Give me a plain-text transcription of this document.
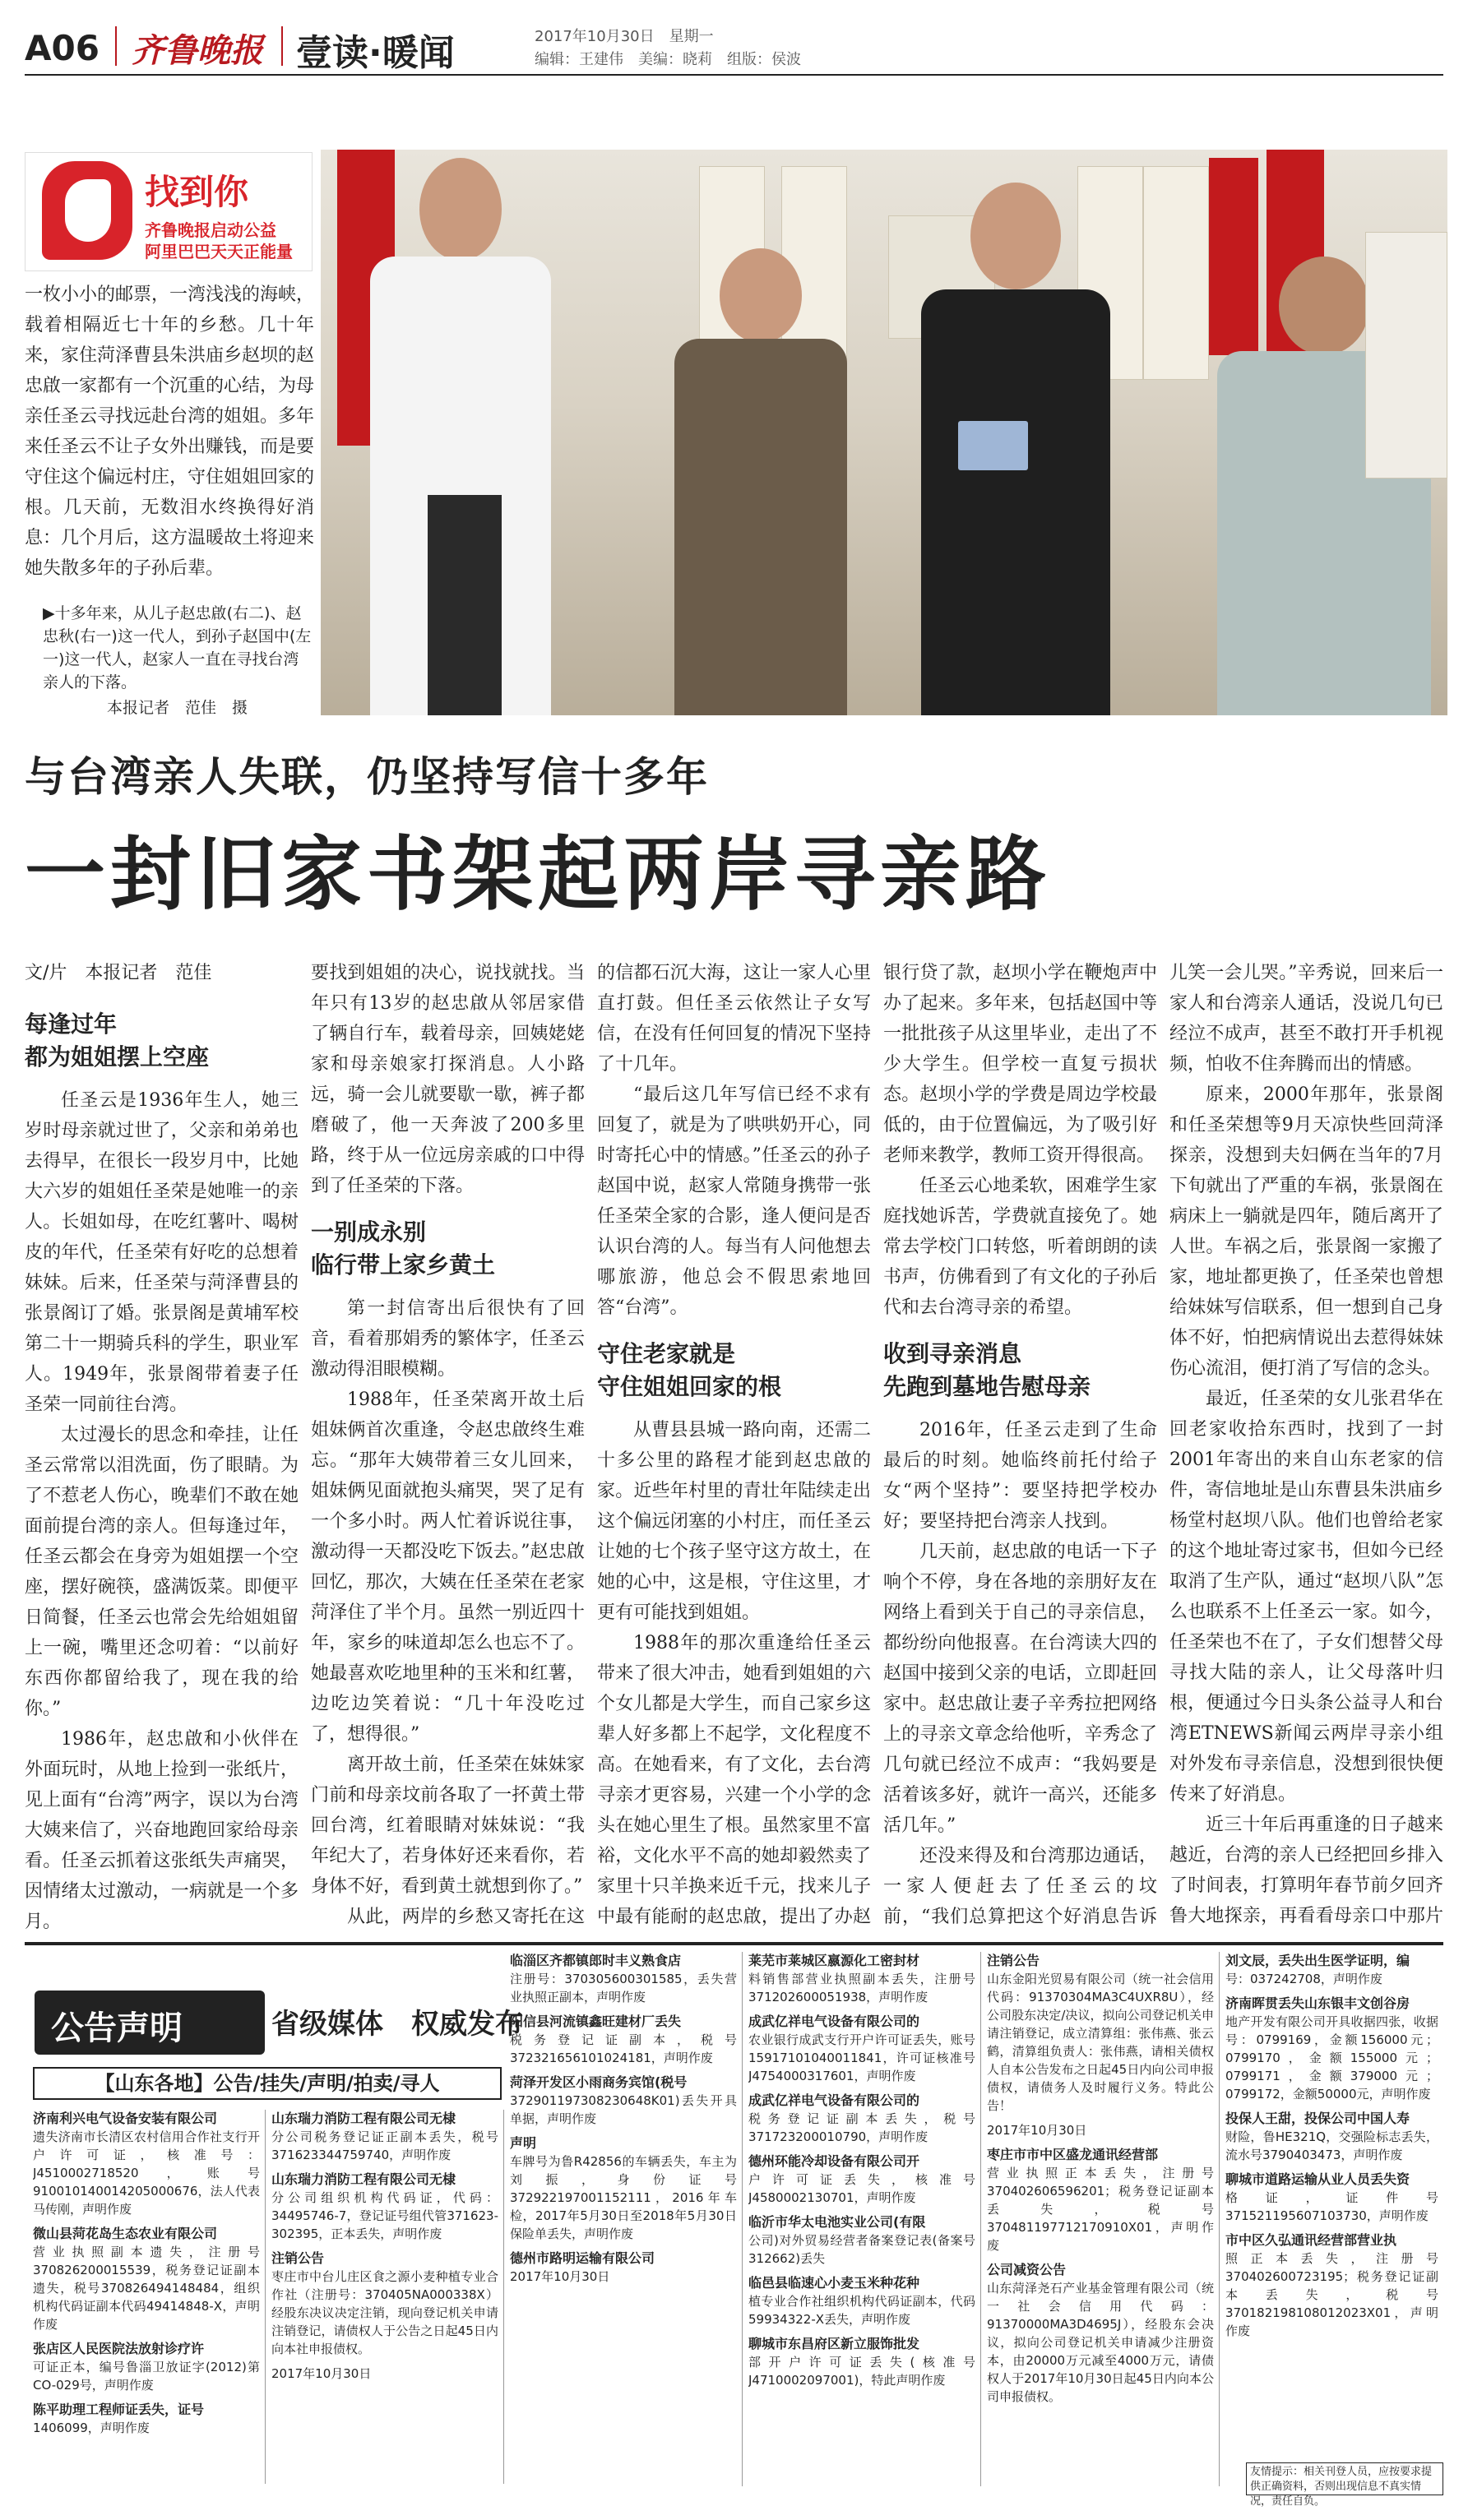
A06 齐鲁晚报 壹读·暖闻	2017年10月30日　星期一
编辑：王建伟　美编：晓莉　组版：侯波
找到你
齐鲁晚报启动公益
阿里巴巴天天正能量
一枚小小的邮票，一湾浅浅的海峡，载着相隔近七十年的乡愁。几十年来，家住菏泽曹县朱洪庙乡赵坝的赵忠啟一家都有一个沉重的心结，为母亲任圣云寻找远赴台湾的姐姐。多年来任圣云不让子女外出赚钱，而是要守住这个偏远村庄，守住姐姐回家的根。几天前，无数泪水终换得好消息：几个月后，这方温暖故土将迎来她失散多年的子孙后辈。
▶十多年来，从儿子赵忠啟(右二)、赵忠秋(右一)这一代人，到孙子赵国中(左一)这一代人，赵家人一直在寻找台湾亲人的下落。
本报记者　范佳　摄
与台湾亲人失联，仍坚持写信十多年
一封旧家书架起两岸寻亲路

文/片　本报记者　范佳

每逢过年
都为姐姐摆上空座

任圣云是1936年生人，她三岁时母亲就过世了，父亲和弟弟也去得早，在很长一段岁月中，比她大六岁的姐姐任圣荣是她唯一的亲人。长姐如母，在吃红薯叶、喝树皮的年代，任圣荣有好吃的总想着妹妹。后来，任圣荣与菏泽曹县的张景阁订了婚。张景阁是黄埔军校第二十一期骑兵科的学生，职业军人。1949年，张景阁带着妻子任圣荣一同前往台湾。

太过漫长的思念和牵挂，让任圣云常常以泪洗面，伤了眼睛。为了不惹老人伤心，晚辈们不敢在她面前提台湾的亲人。但每逢过年，任圣云都会在身旁为姐姐摆一个空座，摆好碗筷，盛满饭菜。即便平日简餐，任圣云也常会先给姐姐留上一碗，嘴里还念叨着：“以前好东西你都留给我了，现在我的给你。”

1986年，赵忠啟和小伙伴在外面玩时，从地上捡到一张纸片，见上面有“台湾”两字，误以为台湾大姨来信了，兴奋地跑回家给母亲看。任圣云抓着这张纸失声痛哭，因情绪太过激动，一病就是一个多月。

要找到姐姐的决心，说找就找。当年只有13岁的赵忠啟从邻居家借了辆自行车，载着母亲，回姨姥姥家和母亲娘家打探消息。人小路远，骑一会儿就要歇一歇，裤子都磨破了，他一天奔波了200多里路，终于从一位远房亲戚的口中得到了任圣荣的下落。

一别成永别
临行带上家乡黄土

第一封信寄出后很快有了回音，看着那娟秀的繁体字，任圣云激动得泪眼模糊。

1988年，任圣荣离开故土后姐妹俩首次重逢，令赵忠啟终生难忘。“那年大姨带着三女儿回来，姐妹俩见面就抱头痛哭，哭了足有一个多小时。两人忙着诉说往事，激动得一天都没吃下饭去。”赵忠啟回忆，那次，大姨在任圣荣在老家菏泽住了半个月。虽然一别近四十年，家乡的味道却怎么也忘不了。她最喜欢吃地里种的玉米和红薯，边吃边笑着说：“几十年没吃过了，想得很。”

离开故土前，任圣荣在妹妹家门前和母亲坟前各取了一抔黄土带回台湾，红着眼睛对妹妹说：“我年纪大了，若身体好还来看你，若身体不好，看到黄土就想到你了。”

从此，两岸的乡愁又寄托在这

的信都石沉大海，这让一家人心里直打鼓。但任圣云依然让子女写信，在没有任何回复的情况下坚持了十几年。

“最后这几年写信已经不求有回复了，就是为了哄哄奶开心，同时寄托心中的情感。”任圣云的孙子赵国中说，赵家人常随身携带一张任圣荣全家的合影，逢人便问是否认识台湾的人。每当有人问他想去哪旅游，他总会不假思索地回答“台湾”。

守住老家就是
守住姐姐回家的根

从曹县县城一路向南，还需二十多公里的路程才能到赵忠啟的家。近些年村里的青壮年陆续走出这个偏远闭塞的小村庄，而任圣云让她的七个孩子坚守这方故土，在她的心中，这是根，守住这里，才更有可能找到姐姐。

1988年的那次重逢给任圣云带来了很大冲击，她看到姐姐的六个女儿都是大学生，而自己家乡这辈人好多都上不起学，文化程度不高。在她看来，有了文化，去台湾寻亲才更容易，兴建一个小学的念头在她心里生了根。虽然家里不富裕，文化水平不高的她却毅然卖了家里十只羊换来近千元，找来儿子中最有能耐的赵忠啟，提出了办赵

银行贷了款，赵坝小学在鞭炮声中办了起来。多年来，包括赵国中等一批批孩子从这里毕业，走出了不少大学生。但学校一直复亏损状态。赵坝小学的学费是周边学校最低的，由于位置偏远，为了吸引好老师来教学，教师工资开得很高。

任圣云心地柔软，困难学生家庭找她诉苦，学费就直接免了。她常去学校门口转悠，听着朗朗的读书声，仿佛看到了有文化的子孙后代和去台湾寻亲的希望。

收到寻亲消息
先跑到墓地告慰母亲

2016年，任圣云走到了生命最后的时刻。她临终前托付给子女“两个坚持”：要坚持把学校办好；要坚持把台湾亲人找到。

几天前，赵忠啟的电话一下子响个不停，身在各地的亲朋好友在网络上看到关于自己的寻亲信息，都纷纷向他报喜。在台湾读大四的赵国中接到父亲的电话，立即赶回家中。赵忠啟让妻子辛秀拉把网络上的寻亲文章念给他听，辛秀念了几句就已经泣不成声：“我妈要是活着该多好，就许一高兴，还能多活几年。”

还没来得及和台湾那边通话，一家人便赶去了任圣云的坟前，“我们总算把这个好消息告诉

儿笑一会儿哭。”辛秀说，回来后一家人和台湾亲人通话，没说几句已经泣不成声，甚至不敢打开手机视频，怕收不住奔腾而出的情感。

原来，2000年那年，张景阁和任圣荣想等9月天凉快些回菏泽探亲，没想到夫妇俩在当年的7月下旬就出了严重的车祸，张景阁在病床上一躺就是四年，随后离开了人世。车祸之后，张景阁一家搬了家，地址都更换了，任圣荣也曾想给妹妹写信联系，但一想到自己身体不好，怕把病情说出去惹得妹妹伤心流泪，便打消了写信的念头。

最近，任圣荣的女儿张君华在回老家收拾东西时，找到了一封2001年寄出的来自山东老家的信件，寄信地址是山东曹县朱洪庙乡杨堂村赵坝八队。他们也曾给老家的这个地址寄过家书，但如今已经取消了生产队，通过“赵坝八队”怎么也联系不上任圣云一家。如今，任圣荣也不在了，子女们想替父母寻找大陆的亲人，让父母落叶归根，便通过今日头条公益寻人和台湾ETNEWS新闻云两岸寻亲小组对外发布寻亲信息，没想到很快便传来了好消息。

近三十年后再重逢的日子越来越近，台湾的亲人已经把回乡排入了时间表，打算明年春节前夕回齐鲁大地探亲，再看看母亲口中那片

公告声明	省级媒体　权威发布
【山东各地】公告/挂失/声明/拍卖/寻人
济南利兴电气设备安装有限公司
遗失济南市长清区农村信用合作社支行开户许可证，核准号：J4510002718520，账号910010140014205000676，法人代表马传刚，声明作废
微山县菏花岛生态农业有限公司
营业执照副本遗失，注册号370826200015539，税务登记证副本遗失，税号370826494148484，组织机构代码证副本代码49414848-X，声明作废
张店区人民医院法放射诊疗许
可证正本，编号鲁淄卫放证字(2012)第CO-029号，声明作废
陈平助理工程师证丢失，证号
1406099，声明作废
山东瑞力消防工程有限公司无棣
分公司税务登记证正副本丢失，税号371623344759740，声明作废
山东瑞力消防工程有限公司无棣
分公司组织机构代码证，代码：34495746-7，登记证号组代管371623-302395，正本丢失，声明作废
注销公告
枣庄市中台儿庄区食之源小麦种植专业合作社（注册号：370405NA000338X）经股东决议决定注销，现向登记机关申请注销登记，请债权人于公告之日起45日内向本社申报债权。
2017年10月30日
临淄区齐都镇郎时丰义熟食店
注册号：370305600301585，丢失营业执照正副本，声明作废
阳信县河流镇鑫旺建材厂丢失
税务登记证副本，税号372321656101024181，声明作废
菏泽开发区小雨商务宾馆(税号
372901197308230648K01)丢失开具单据，声明作废
声明
车牌号为鲁R42856的车辆丢失，车主为刘振，身份证号372922197001152111，2016年车检，2017年5月30日至2018年5月30日保险单丢失，声明作废
德州市路明运输有限公司
2017年10月30日
莱芜市莱城区嬴源化工密封材
料销售部营业执照副本丢失，注册号371202600051938，声明作废
成武亿祥电气设备有限公司的
农业银行成武支行开户许可证丢失，账号15917101040011841，许可证核准号J4754000317601，声明作废
成武亿祥电气设备有限公司的
税务登记证副本丢失，税号371723200010790，声明作废
德州环能冷却设备有限公司开
户许可证丢失，核准号J4580002130701，声明作废
临沂市华太电池实业公司(有限
公司)对外贸易经营者备案登记表(备案号312662)丢失
临邑县临速心小麦玉米种花种
植专业合作社组织机构代码证副本，代码59934322-X丢失，声明作废
聊城市东昌府区新立服饰批发
部开户许可证丢失(核准号J4710002097001)，特此声明作废
注销公告
山东金阳光贸易有限公司（统一社会信用代码：91370304MA3C4UXR8U），经公司股东决定/决议，拟向公司登记机关申请注销登记，成立清算组：张伟燕、张云鹤，清算组负责人：张伟燕，请相关债权人自本公告发布之日起45日内向公司申报债权，请债务人及时履行义务。特此公告！
2017年10月30日
枣庄市市中区盛龙通讯经营部
营业执照正本丢失，注册号370402606596201；税务登记证副本丢失，税号370481197712170910X01，声明作废
公司减资公告
山东菏泽尧石产业基金管理有限公司（统一社会信用代码：91370000MA3D4695J），经股东会决议，拟向公司登记机关申请减少注册资本，由20000万元减至4000万元，请债权人于2017年10月30日起45日内向本公司申报债权。
刘文辰，丢失出生医学证明，编
号：037242708，声明作废
济南晖贯丢失山东银丰文创谷房
地产开发有限公司开具收据四张，收据号：0799169，金额156000元；0799170，金额155000元；0799171，金额379000元；0799172，金额50000元，声明作废
投保人王甜，投保公司中国人寿
财险，鲁HE321Q，交强险标志丢失，流水号3790403473，声明作废
聊城市道路运输从业人员丢失资
格证，证件号371521195607103730，声明作废
市中区久弘通讯经营部营业执
照正本丢失，注册号370402600723195；税务登记证副本丢失，税号370182198108012023X01，声明作废
友情提示：相关刊登人员，应按要求提供正确资料，否则出现信息不真实情况，责任自负。
